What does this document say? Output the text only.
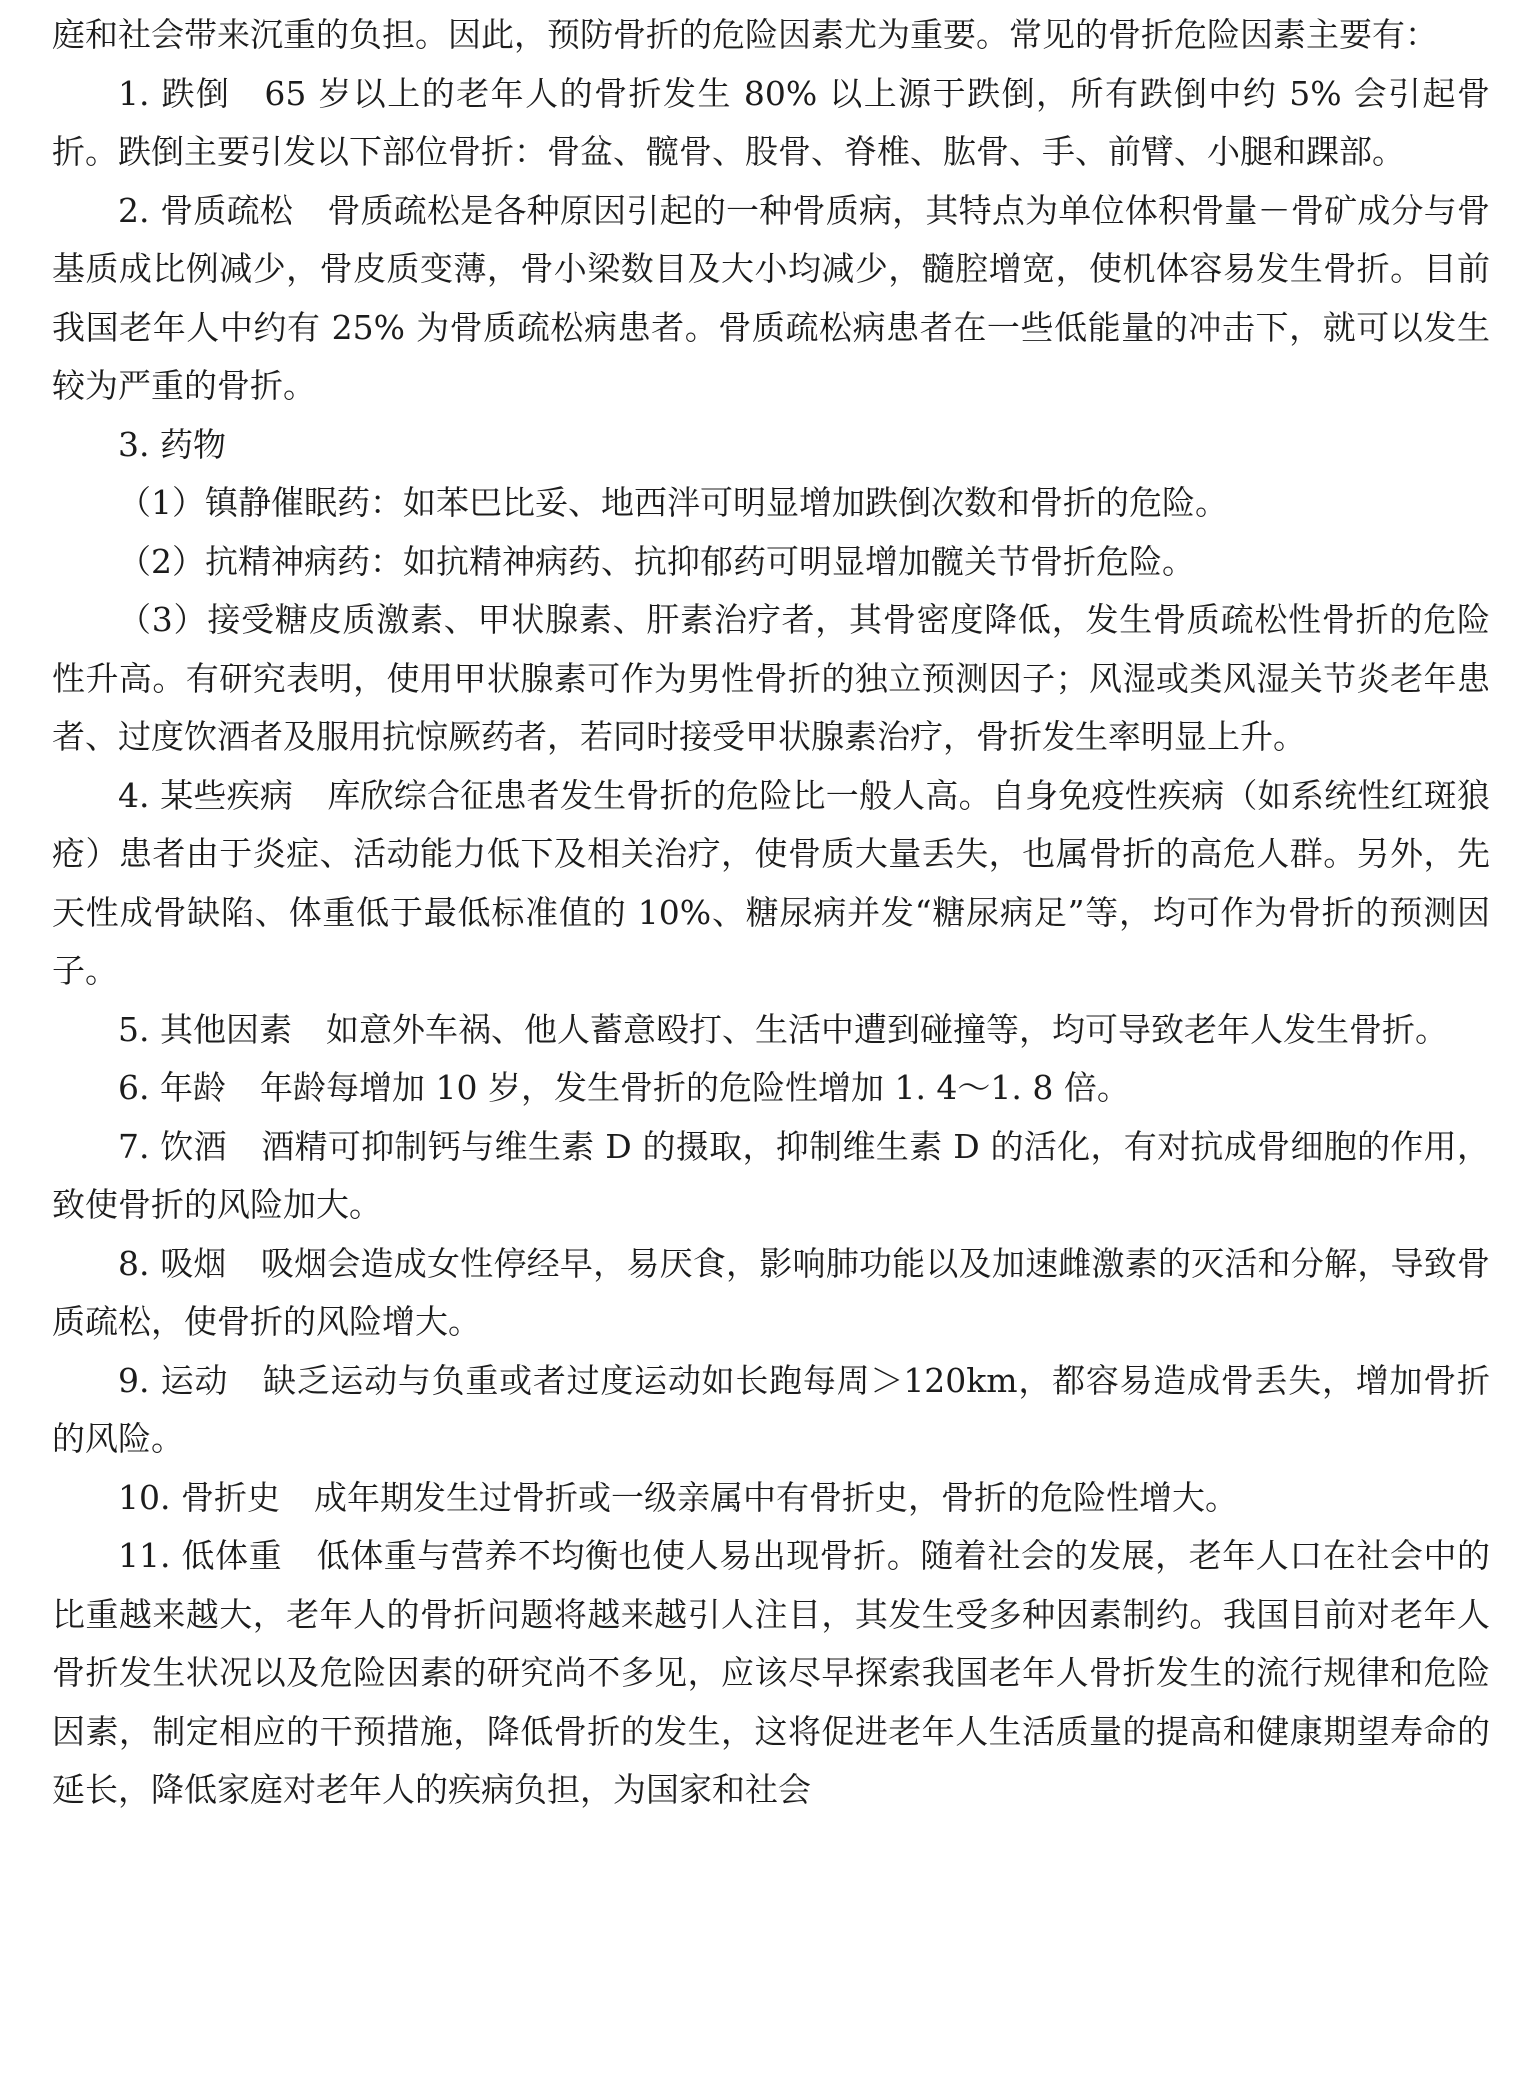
庭和社会带来沉重的负担。因此，预防骨折的危险因素尤为重要。常见的骨折危险因素主要有：

1. 跌倒 65 岁以上的老年人的骨折发生 80% 以上源于跌倒，所有跌倒中约 5% 会引起骨折。跌倒主要引发以下部位骨折：骨盆、髋骨、股骨、脊椎、肱骨、手、前臂、小腿和踝部。

2. 骨质疏松 骨质疏松是各种原因引起的一种骨质病，其特点为单位体积骨量－骨矿成分与骨基质成比例减少，骨皮质变薄，骨小梁数目及大小均减少，髓腔增宽，使机体容易发生骨折。目前我国老年人中约有 25% 为骨质疏松病患者。骨质疏松病患者在一些低能量的冲击下，就可以发生较为严重的骨折。

3. 药物

（1）镇静催眠药：如苯巴比妥、地西泮可明显增加跌倒次数和骨折的危险。

（2）抗精神病药：如抗精神病药、抗抑郁药可明显增加髋关节骨折危险。

（3）接受糖皮质激素、甲状腺素、肝素治疗者，其骨密度降低，发生骨质疏松性骨折的危险性升高。有研究表明，使用甲状腺素可作为男性骨折的独立预测因子；风湿或类风湿关节炎老年患者、过度饮酒者及服用抗惊厥药者，若同时接受甲状腺素治疗，骨折发生率明显上升。

4. 某些疾病 库欣综合征患者发生骨折的危险比一般人高。自身免疫性疾病（如系统性红斑狼疮）患者由于炎症、活动能力低下及相关治疗，使骨质大量丢失，也属骨折的高危人群。另外，先天性成骨缺陷、体重低于最低标准值的 10%、糖尿病并发“糖尿病足”等，均可作为骨折的预测因子。

5. 其他因素 如意外车祸、他人蓄意殴打、生活中遭到碰撞等，均可导致老年人发生骨折。

6. 年龄 年龄每增加 10 岁，发生骨折的危险性增加 1. 4～1. 8 倍。

7. 饮酒 酒精可抑制钙与维生素 D 的摄取，抑制维生素 D 的活化，有对抗成骨细胞的作用，致使骨折的风险加大。

8. 吸烟 吸烟会造成女性停经早，易厌食，影响肺功能以及加速雌激素的灭活和分解，导致骨质疏松，使骨折的风险增大。

9. 运动 缺乏运动与负重或者过度运动如长跑每周＞120km，都容易造成骨丢失，增加骨折的风险。

10. 骨折史 成年期发生过骨折或一级亲属中有骨折史，骨折的危险性增大。

11. 低体重 低体重与营养不均衡也使人易出现骨折。随着社会的发展，老年人口在社会中的比重越来越大，老年人的骨折问题将越来越引人注目，其发生受多种因素制约。我国目前对老年人骨折发生状况以及危险因素的研究尚不多见，应该尽早探索我国老年人骨折发生的流行规律和危险因素，制定相应的干预措施，降低骨折的发生，这将促进老年人生活质量的提高和健康期望寿命的延长，降低家庭对老年人的疾病负担，为国家和社会
